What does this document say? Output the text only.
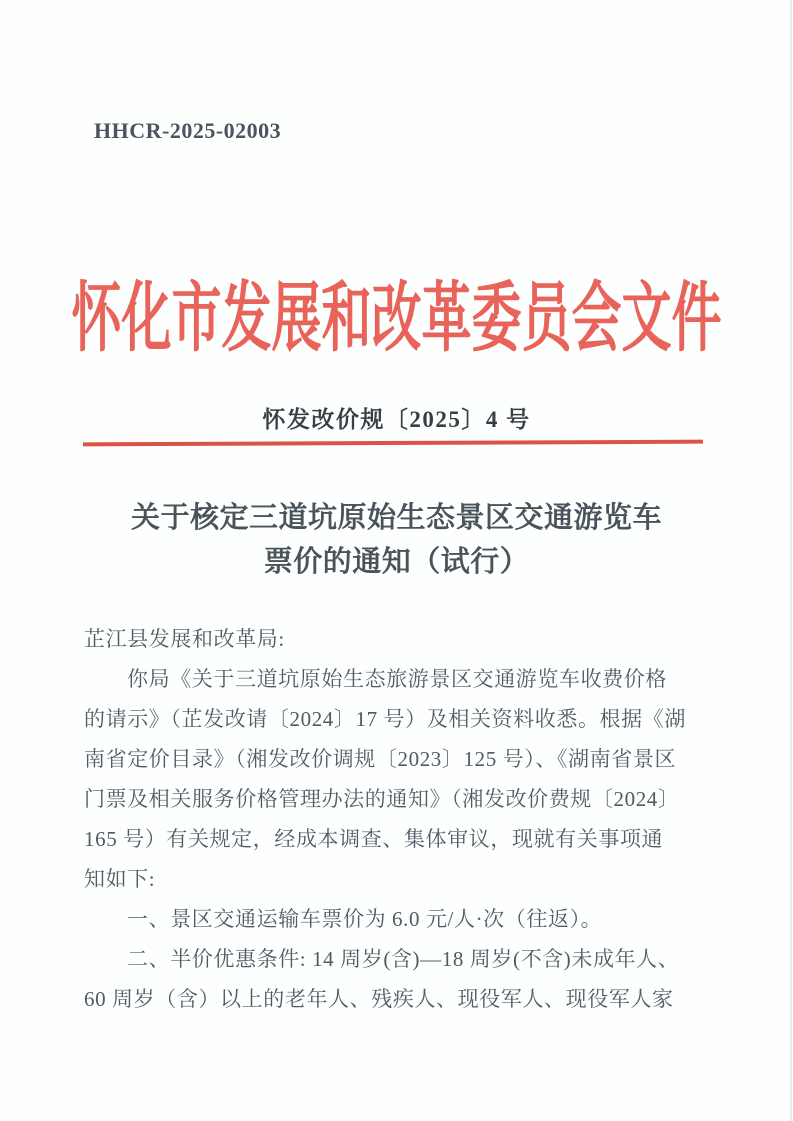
HHCR-2025-02003
怀化市发展和改革委员会文件
怀发改价规〔2025〕4 号
关于核定三道坑原始生态景区交通游览车
票价的通知（试行）
芷江县发展和改革局:
你局《关于三道坑原始生态旅游景区交通游览车收费价格
的请示》（芷发改请〔2024〕17 号）及相关资料收悉。根据《湖
南省定价目录》（湘发改价调规〔2023〕125 号）、《湖南省景区
门票及相关服务价格管理办法的通知》（湘发改价费规〔2024〕
165 号）有关规定，经成本调查、集体审议，现就有关事项通
知如下:
一、景区交通运输车票价为 6.0 元/人·次（往返）。
二、半价优惠条件: 14 周岁(含)—18 周岁(不含)未成年人、
60 周岁（含）以上的老年人、残疾人、现役军人、现役军人家
